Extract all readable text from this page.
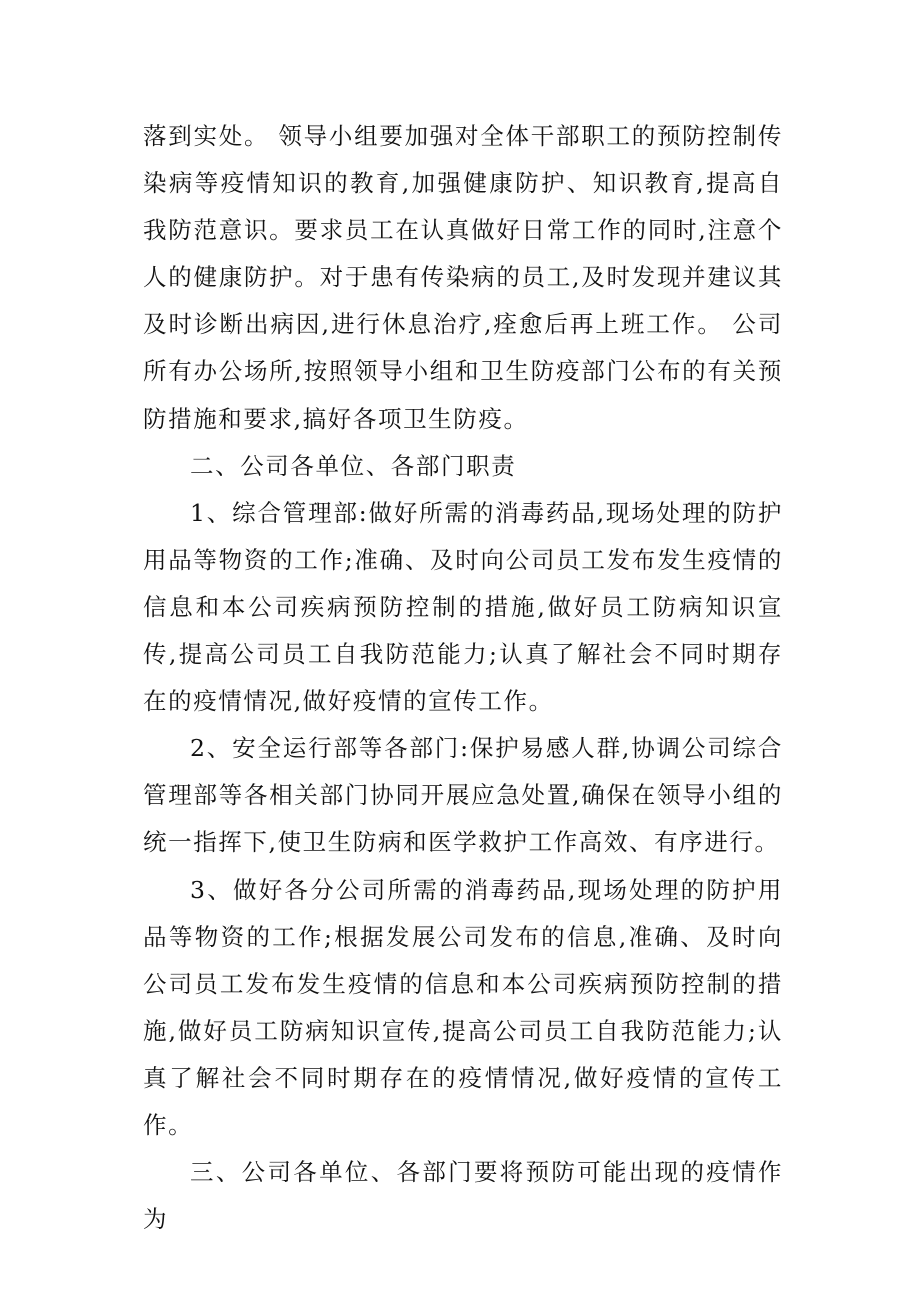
落到实处。 领导小组要加强对全体干部职工的预防控制传染病等疫情知识的教育,加强健康防护、知识教育,提高自我防范意识。要求员工在认真做好日常工作的同时,注意个人的健康防护。对于患有传染病的员工,及时发现并建议其及时诊断出病因,进行休息治疗,痊愈后再上班工作。 公司所有办公场所,按照领导小组和卫生防疫部门公布的有关预防措施和要求,搞好各项卫生防疫。

二、公司各单位、各部门职责

1、综合管理部:做好所需的消毒药品,现场处理的防护用品等物资的工作;准确、及时向公司员工发布发生疫情的信息和本公司疾病预防控制的措施,做好员工防病知识宣传,提高公司员工自我防范能力;认真了解社会不同时期存在的疫情情况,做好疫情的宣传工作。

2、安全运行部等各部门:保护易感人群,协调公司综合管理部等各相关部门协同开展应急处置,确保在领导小组的统一指挥下,使卫生防病和医学救护工作高效、有序进行。

3、做好各分公司所需的消毒药品,现场处理的防护用品等物资的工作;根据发展公司发布的信息,准确、及时向公司员工发布发生疫情的信息和本公司疾病预防控制的措施,做好员工防病知识宣传,提高公司员工自我防范能力;认真了解社会不同时期存在的疫情情况,做好疫情的宣传工作。

三、公司各单位、各部门要将预防可能出现的疫情作为
